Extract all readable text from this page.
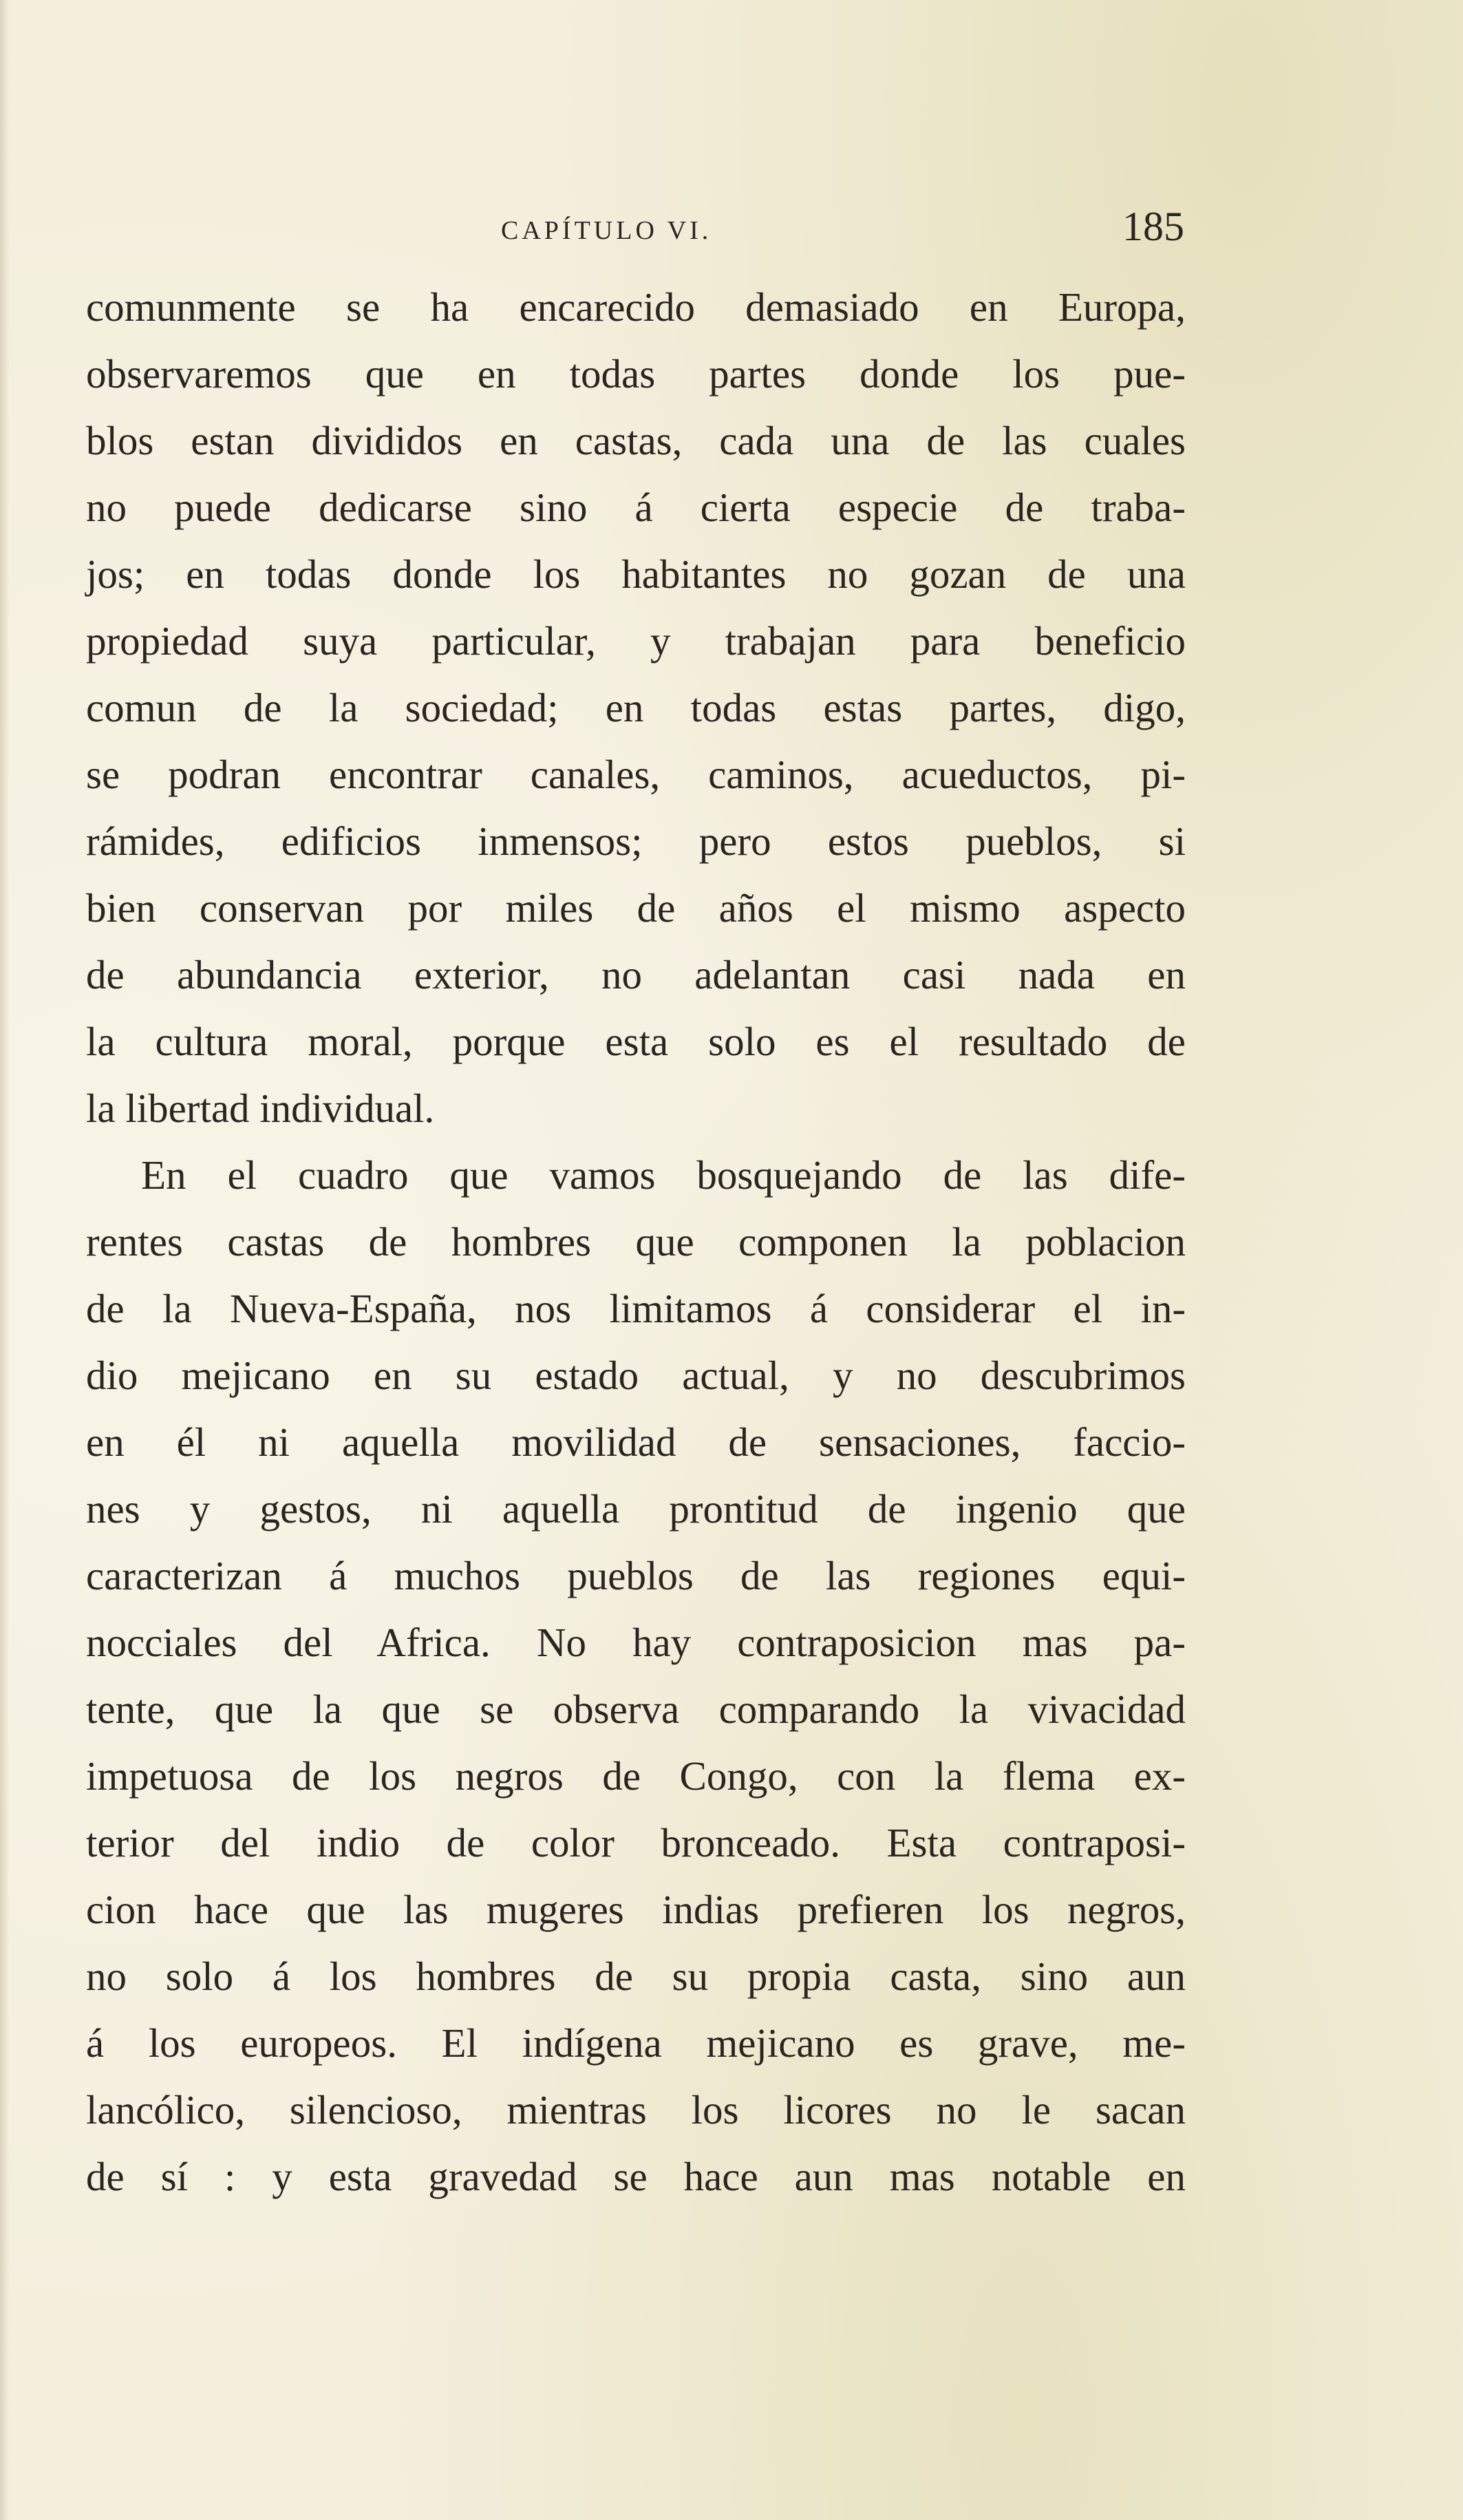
CAPÍTULO VI.	185
comunmente se ha encarecido demasiado en Europa,
observaremos que en todas partes donde los pue-
blos estan divididos en castas, cada una de las cuales
no puede dedicarse sino á cierta especie de traba-
jos; en todas donde los habitantes no gozan de una
propiedad suya particular, y trabajan para beneficio
comun de la sociedad; en todas estas partes, digo,
se podran encontrar canales, caminos, acueductos, pi-
rámides, edificios inmensos; pero estos pueblos, si
bien conservan por miles de años el mismo aspecto
de abundancia exterior, no adelantan casi nada en
la cultura moral, porque esta solo es el resultado de
la libertad individual.
En el cuadro que vamos bosquejando de las dife-
rentes castas de hombres que componen la poblacion
de la Nueva-España, nos limitamos á considerar el in-
dio mejicano en su estado actual, y no descubrimos
en él ni aquella movilidad de sensaciones, faccio-
nes y gestos, ni aquella prontitud de ingenio que
caracterizan á muchos pueblos de las regiones equi-
nocciales del Africa. No hay contraposicion mas pa-
tente, que la que se observa comparando la vivacidad
impetuosa de los negros de Congo, con la flema ex-
terior del indio de color bronceado. Esta contraposi-
cion hace que las mugeres indias prefieren los negros,
no solo á los hombres de su propia casta, sino aun
á los europeos. El indígena mejicano es grave, me-
lancólico, silencioso, mientras los licores no le sacan
de sí : y esta gravedad se hace aun mas notable en
